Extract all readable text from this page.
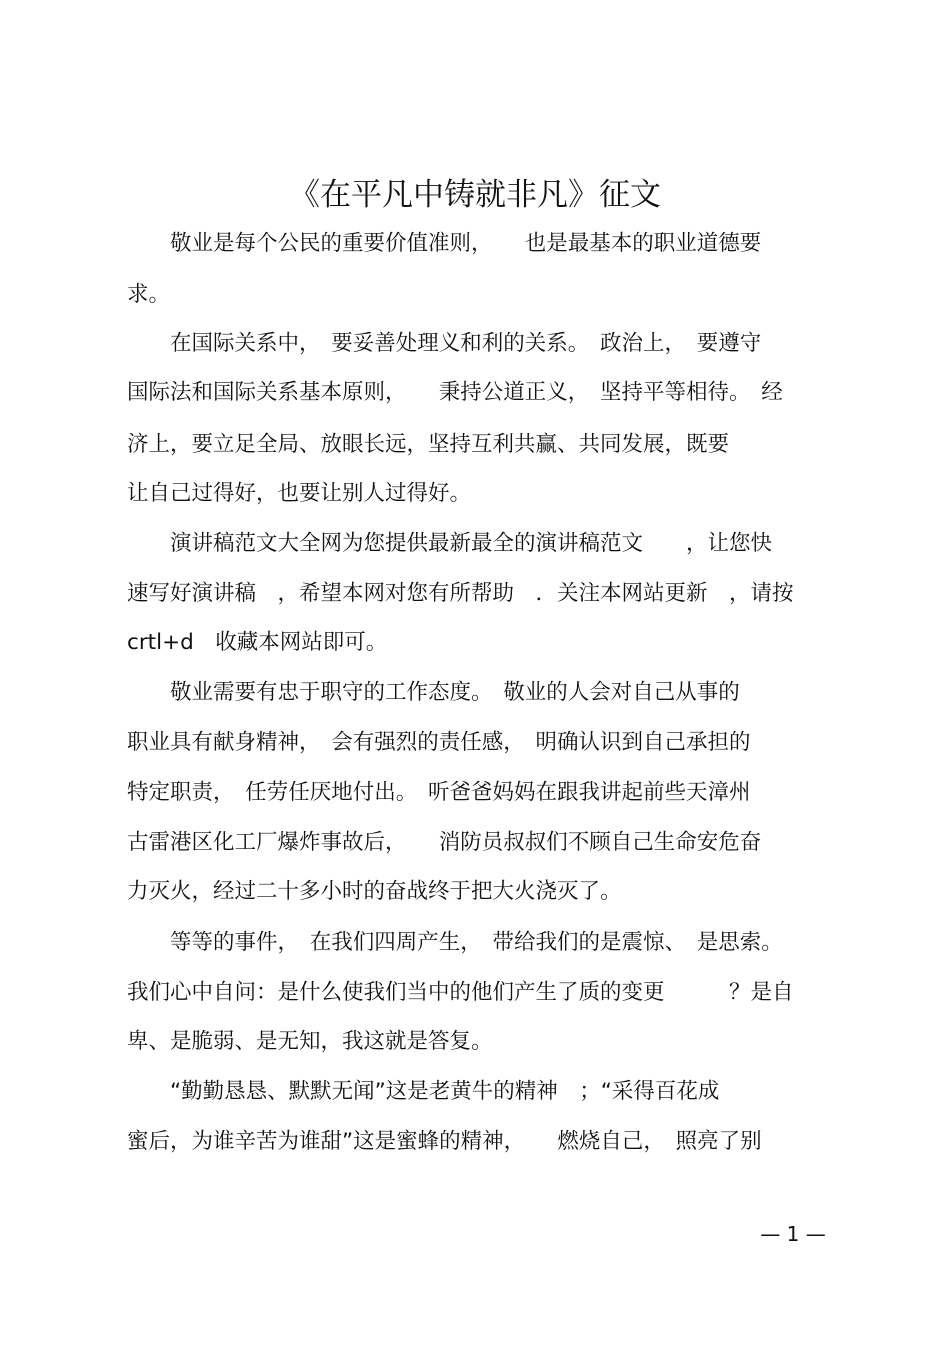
《在平凡中铸就非凡》征文
　　敬业是每个公民的重要价值准则，　　也是最基本的职业道德要
求。
　　在国际关系中，　要妥善处理义和利的关系。　政治上，　要遵守
国际法和国际关系基本原则，　　秉持公道正义，　坚持平等相待。　经
济上，要立足全局、放眼长远，坚持互利共赢、共同发展，既要
让自己过得好，也要让别人过得好。
　　演讲稿范文大全网为您提供最新最全的演讲稿范文　　，让您快
速写好演讲稿　，希望本网对您有所帮助　．关注本网站更新　，请按
crtl+d　收藏本网站即可。
　　敬业需要有忠于职守的工作态度。　敬业的人会对自己从事的
职业具有献身精神，　会有强烈的责任感，　明确认识到自己承担的
特定职责，　任劳任厌地付出。　听爸爸妈妈在跟我讲起前些天漳州
古雷港区化工厂爆炸事故后，　　消防员叔叔们不顾自己生命安危奋
力灭火，经过二十多小时的奋战终于把大火浇灭了。
　　等等的事件，　在我们四周产生，　带给我们的是震惊、　是思索。
我们心中自问：是什么使我们当中的他们产生了质的变更　　　？是自
卑、是脆弱、是无知，我这就是答复。
　　“勤勤恳恳、默默无闻”这是老黄牛的精神　；“采得百花成
蜜后，为谁辛苦为谁甜”这是蜜蜂的精神，　　燃烧自己，　照亮了别
— 1 —
